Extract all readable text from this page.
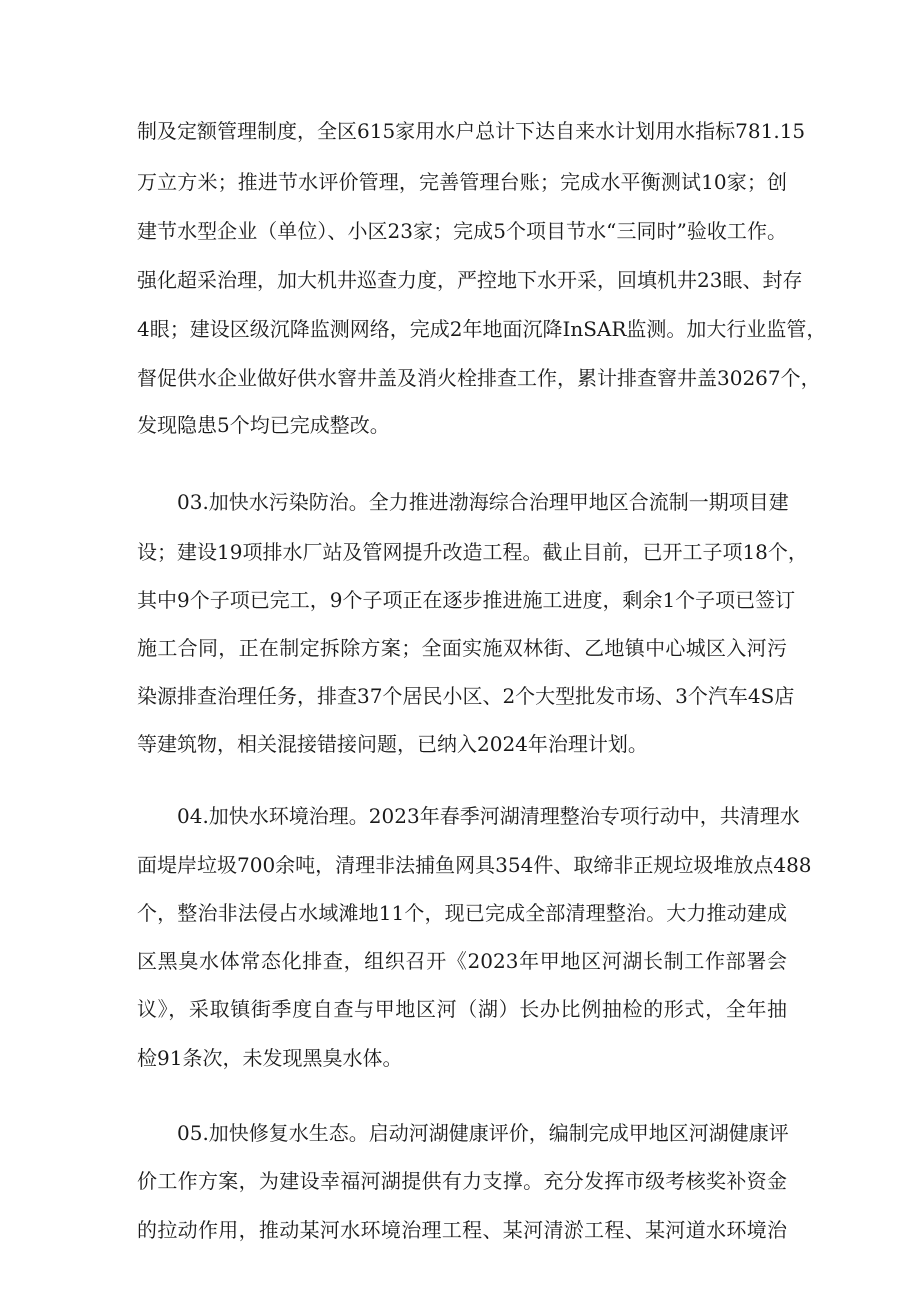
制及定额管理制度，全区615家用水户总计下达自来水计划用水指标781.15
万立方米；推进节水评价管理，完善管理台账；完成水平衡测试10家；创
建节水型企业（单位）、小区23家；完成5个项目节水“三同时”验收工作。
强化超采治理，加大机井巡查力度，严控地下水开采，回填机井23眼、封存
4眼；建设区级沉降监测网络，完成2年地面沉降InSAR监测。加大行业监管，
督促供水企业做好供水窨井盖及消火栓排查工作，累计排查窨井盖30267个，
发现隐患5个均已完成整改。
03.加快水污染防治。全力推进渤海综合治理甲地区合流制一期项目建
设；建设19项排水厂站及管网提升改造工程。截止目前，已开工子项18个，
其中9个子项已完工，9个子项正在逐步推进施工进度，剩余1个子项已签订
施工合同，正在制定拆除方案；全面实施双林街、乙地镇中心城区入河污
染源排查治理任务，排查37个居民小区、2个大型批发市场、3个汽车4S店
等建筑物，相关混接错接问题，已纳入2024年治理计划。
04.加快水环境治理。2023年春季河湖清理整治专项行动中，共清理水
面堤岸垃圾700余吨，清理非法捕鱼网具354件、取缔非正规垃圾堆放点488
个，整治非法侵占水域滩地11个，现已完成全部清理整治。大力推动建成
区黑臭水体常态化排查，组织召开《2023年甲地区河湖长制工作部署会
议》，采取镇街季度自查与甲地区河（湖）长办比例抽检的形式，全年抽
检91条次，未发现黑臭水体。
05.加快修复水生态。启动河湖健康评价，编制完成甲地区河湖健康评
价工作方案，为建设幸福河湖提供有力支撑。充分发挥市级考核奖补资金
的拉动作用，推动某河水环境治理工程、某河清淤工程、某河道水环境治
